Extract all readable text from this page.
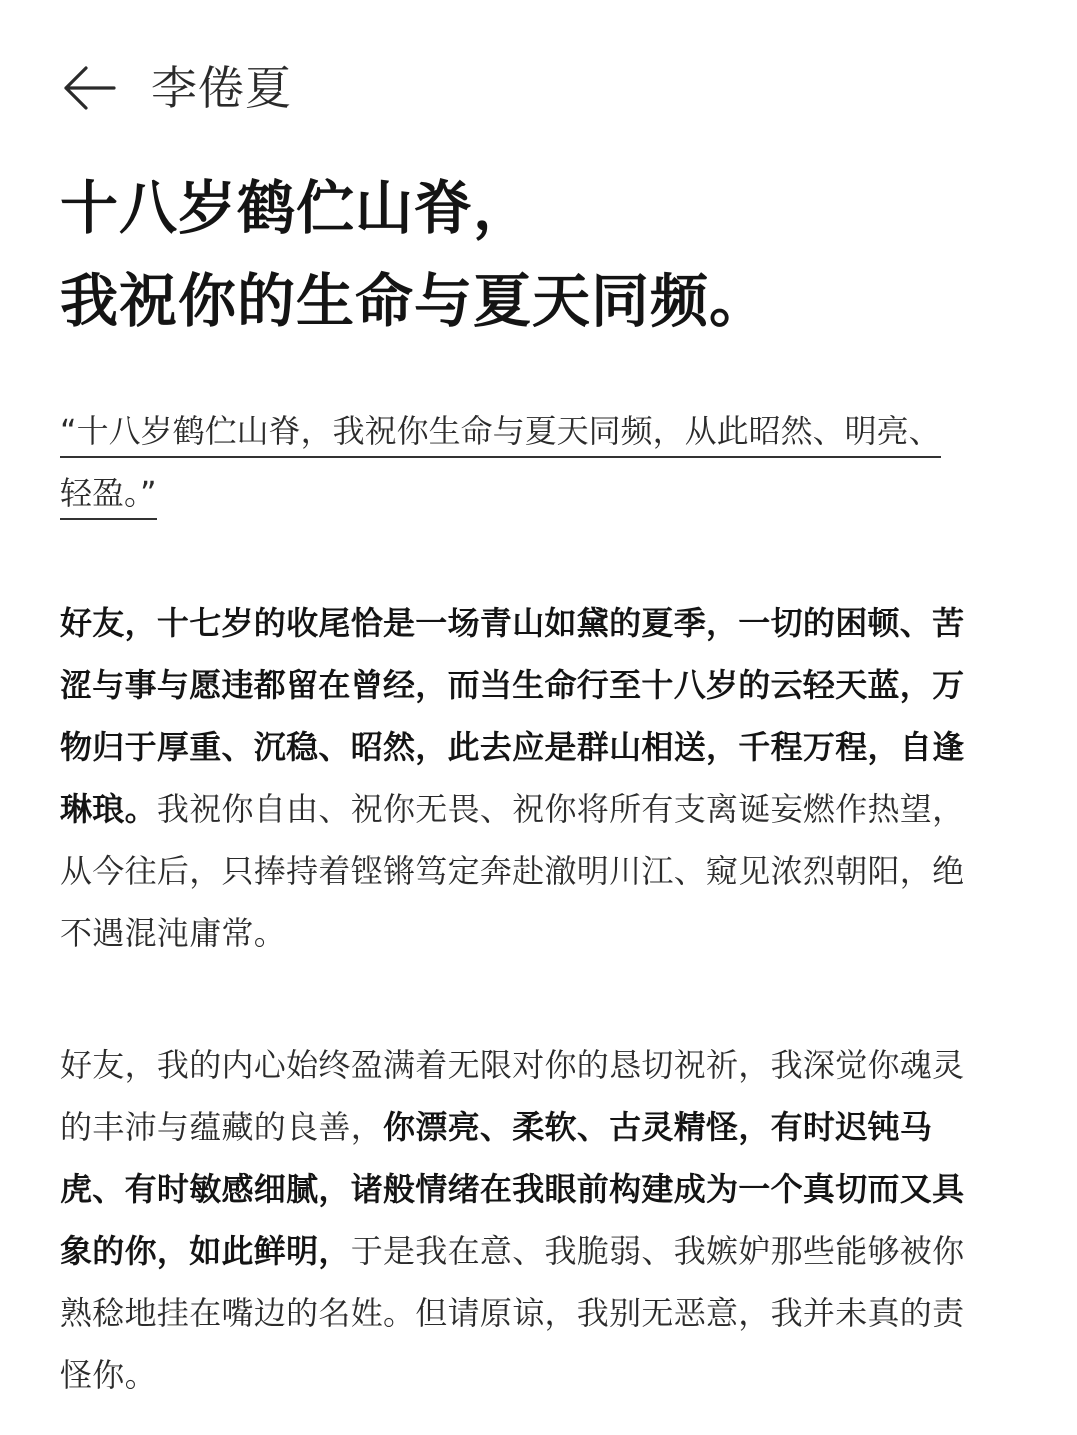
李倦夏
十八岁鹤伫山脊，
我祝你的生命与夏天同频。
“十八岁鹤伫山脊，我祝你生命与夏天同频，从此昭然、明亮、
轻盈。”
好友，十七岁的收尾恰是一场青山如黛的夏季，一切的困顿、苦
涩与事与愿违都留在曾经，而当生命行至十八岁的云轻天蓝，万
物归于厚重、沉稳、昭然，此去应是群山相送，千程万程，自逢
琳琅。我祝你自由、祝你无畏、祝你将所有支离诞妄燃作热望，
从今往后，只捧持着铿锵笃定奔赴澈明川江、窥见浓烈朝阳，绝
不遇混沌庸常。
好友，我的内心始终盈满着无限对你的恳切祝祈，我深觉你魂灵
的丰沛与蕴藏的良善，你漂亮、柔软、古灵精怪，有时迟钝马
虎、有时敏感细腻，诸般情绪在我眼前构建成为一个真切而又具
象的你，如此鲜明，于是我在意、我脆弱、我嫉妒那些能够被你
熟稔地挂在嘴边的名姓。但请原谅，我别无恶意，我并未真的责
怪你。
